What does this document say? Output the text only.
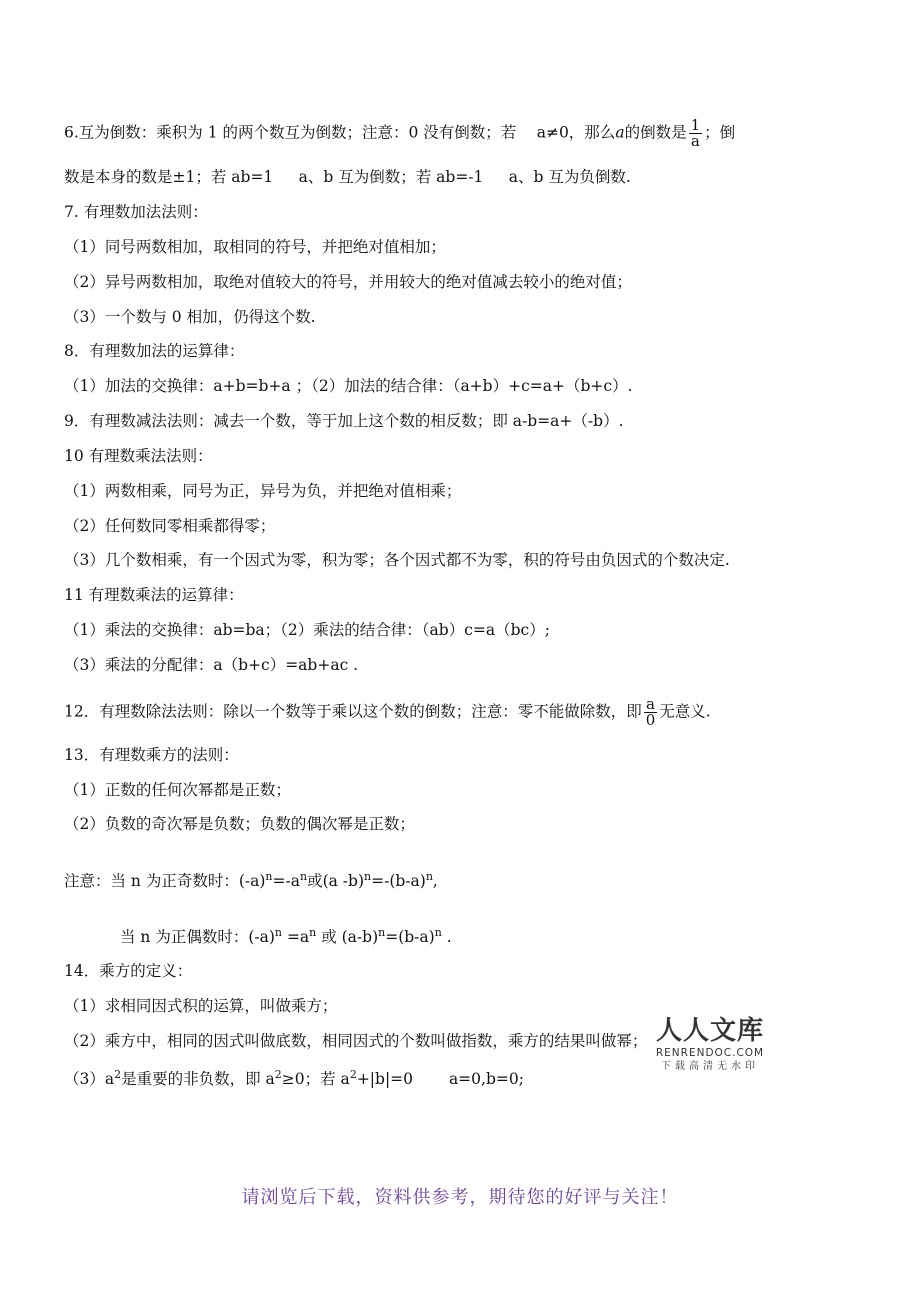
6.互为倒数：乘积为 1 的两个数互为倒数；注意：0 没有倒数；若　 a≠0，那么a的倒数是 $\frac{1}{a}$ ；倒
数是本身的数是±1；若 ab=1 　 a、b 互为倒数；若 ab=-1 　 a、b 互为负倒数.
7. 有理数加法法则：
（1）同号两数相加，取相同的符号，并把绝对值相加；
（2）异号两数相加，取绝对值较大的符号，并用较大的绝对值减去较小的绝对值；
（3）一个数与 0 相加，仍得这个数.
8．有理数加法的运算律：
（1）加法的交换律：a+b=b+a ；（2）加法的结合律：（a+b）+c=a+（b+c）.
9．有理数减法法则：减去一个数，等于加上这个数的相反数；即 a-b=a+（-b）.
10 有理数乘法法则：
（1）两数相乘，同号为正，异号为负，并把绝对值相乘；
（2）任何数同零相乘都得零；
（3）几个数相乘，有一个因式为零，积为零；各个因式都不为零，积的符号由负因式的个数决定.
11 有理数乘法的运算律：
（1）乘法的交换律：ab=ba；（2）乘法的结合律：（ab）c=a（bc）;
（3）乘法的分配律：a（b+c）=ab+ac .
12．有理数除法法则：除以一个数等于乘以这个数的倒数；注意：零不能做除数，即 $\frac{a}{0}$ 无意义.
13．有理数乘方的法则：
（1）正数的任何次幂都是正数；
（2）负数的奇次幂是负数；负数的偶次幂是正数；
注意：当 n 为正奇数时：$(-a)^n=-a^n$或(a $-b)^n=-(b-a)^n$,
当 n 为正偶数时：$(-a)^n =a^n$ 或 $(a-b)^n=(b-a)^n$ .
14．乘方的定义：
（1）求相同因式积的运算，叫做乘方；
（2）乘方中，相同的因式叫做底数，相同因式的个数叫做指数，乘方的结果叫做幂；
$(3)a^2$是重要的非负数，即 $a^2\ge 0$；若 $a^2+|b|=0$ 　　a=0,b=0;
人人文库
RENRENDOC.COM
下载高清无水印
请浏览后下载，资料供参考，期待您的好评与关注！
